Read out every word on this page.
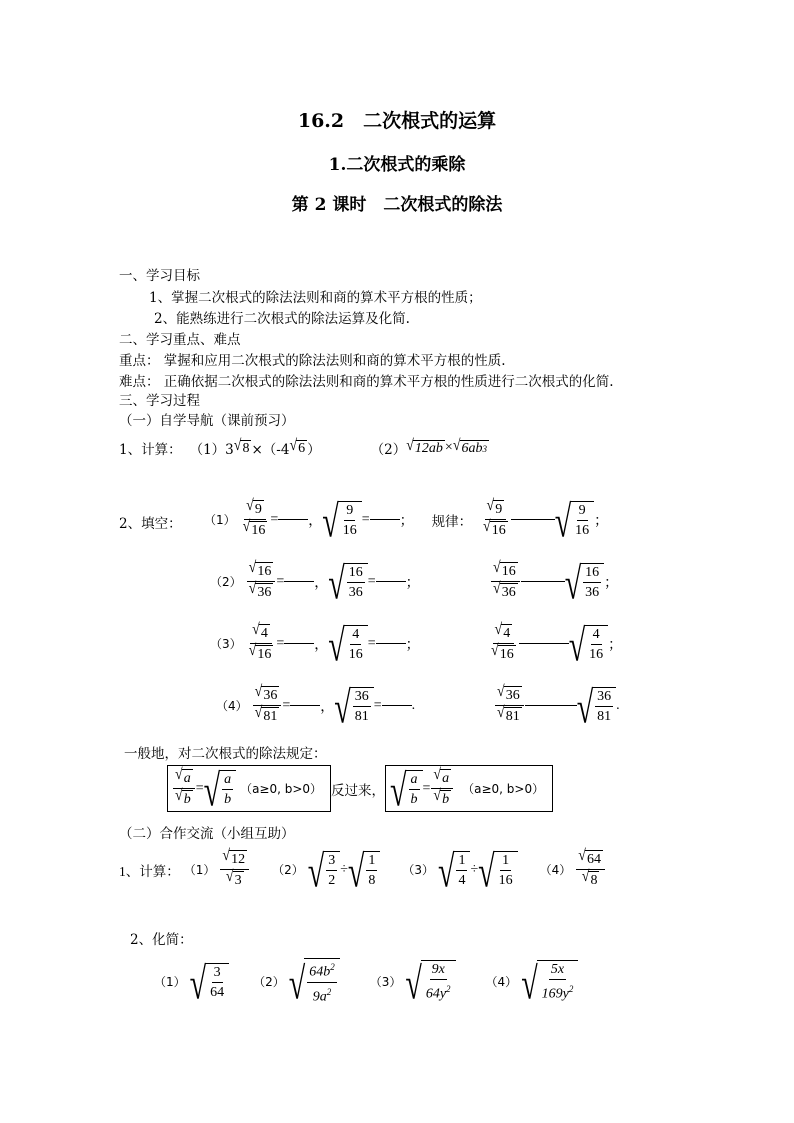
16.2　二次根式的运算
1.二次根式的乘除
第 2 课时　二次根式的除法
一、学习目标
1、掌握二次根式的除法法则和商的算术平方根的性质；
2、能熟练进行二次根式的除法运算及化简.
二、学习重点、难点
重点： 掌握和应用二次根式的除法法则和商的算术平方根的性质.
难点： 正确依据二次根式的除法法则和商的算术平方根的性质进行二次根式的化简.
三、学习过程
（一）自学导航（课前预习）
1、计算： （1）3 √ 8 ×（-4 √ 6 ）	（2） √ 12ab × √ 6ab 3
2、填空： $(1) \frac{√ 9}{√ 16}$ = ， √ $\frac{9}{16}$ = ； 规律： $\frac{√ 9}{√ 16}$ √ $\frac{9}{16}$ ；
$(2) \frac{√ 16}{√ 36}$ = ， √ $\frac{16}{36}$ = ；	$\frac{√ 16}{√ 36}$ √ $\frac{16}{36}$ ；
$(3) \frac{√ 4}{√ 16}$ = ， √ $\frac{4}{16}$ = ；	$\frac{√ 4}{√ 16}$ √ $\frac{4}{16}$ ；
$(4) \frac{√ 36}{√ 81}$ = ， √ $\frac{36}{81}$ = .	$\frac{√ 36}{√ 81}$ √ $\frac{36}{81}$ .
一般地，对二次根式的除法规定：
$\frac{√ a}{√ b}$ = √ $\frac{a}{b} (a\ge 0$, b>0） 反过来， √ $\frac{a}{b} = \frac{√ a}{√ b} (a\ge 0$, b>0）
（二）合作交流（小组互助）
1、计算： $(1) \frac{√ 12}{√ 3} (2)$ √ $\frac{3}{2}$ ÷ √ $\frac{1}{8} (3)$ √ $\frac{1}{4}$ ÷ √ $\frac{1}{16} (4) \frac{√ 64}{√ 8}$
2、化简：
（1） √ $\frac{3}{64} (2)$ √ $\frac{64b^2}{9a^2}$	（3） √ $\frac{9x}{64y^2}$	（4） √ $\frac{5x}{169y^2}$
